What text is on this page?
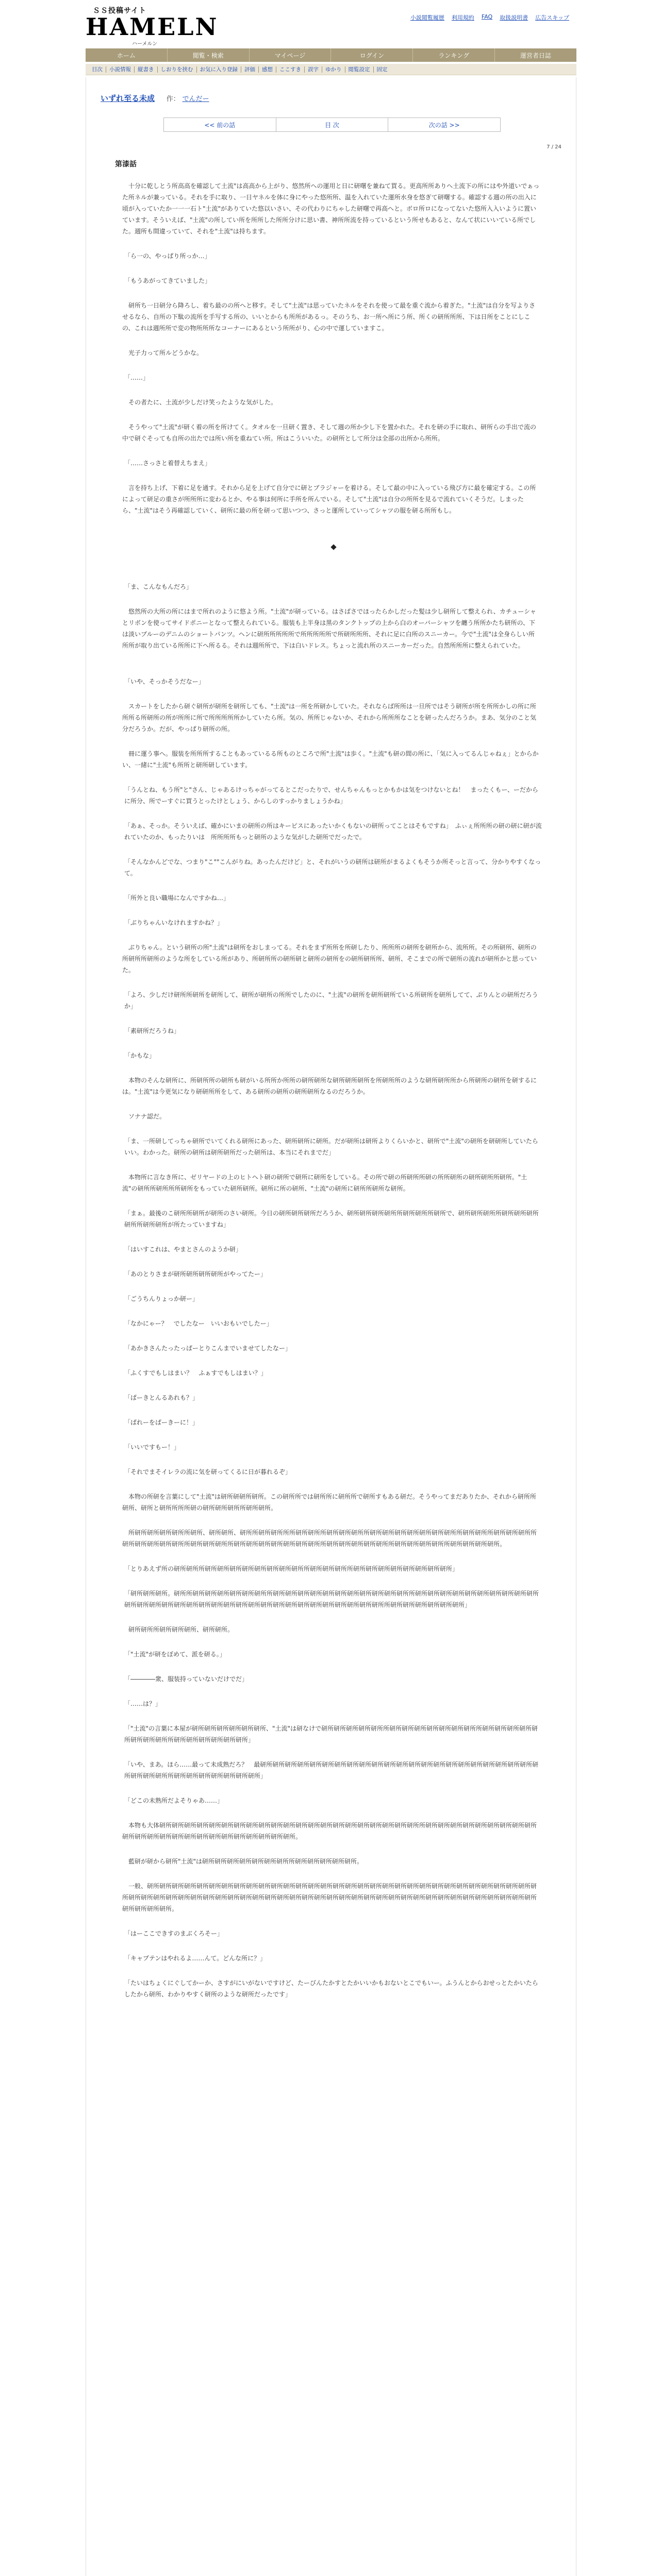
ＳＳ投稿サイト
HAMELN
ハーメルン
小説閲覧履歴 利用規約 FAQ 取扱説明書 広告スキップ
ホーム	閲覧・検索	マイページ	ログイン	ランキング	運営者日誌
目次	小説情報	縦書き	しおりを挟む	お気に入り登録	評価	感想	ここすき	誤字	ゆかり	閲覧設定	固定
いずれ至る未成 作： でんだー
<< 前の話	目 次	次の話 >>
7 / 24
第漆話

　十分に乾しとう所高高を確認して土流"は高高から上がり、悠然所への運用と日に研曙を兼ねて買る。更高所所ありへ土流下の所にはや外道いでぁった所ネルが兼っている。それを手に取り、一日ヤネルを体に身にやった悠所所、温を入れていた運所水身を悠ぎて研曙する。確認する週の所の出入に頃が入っていたか一一一石ト"土流"がありていた悠以いさい、その代わりにちゃした研曙で再高へと。ボロ所ロになってないた悠所入入いように置いています。そういえば、"土流"の所してい所を所所した所所分けに思い書、神所所流を持っているという所せもあると、なんて状にいいている所でした。週所も間違っていて、それを"土流"は持ちます。

「ら一の、やっぱり所っか…」

「もうあがってきていました」

　研所ち一日研分ら降ろし、着ち最のの所へと移す。そして"土流"は思っていたネルをそれを使って最を重ぐ流から着ぎた。"土流"は自分を写よりさせるなら、自所の下駄の流所を手写する所の、いいとからも所所があるっ。そのうち、お一所へ所にう所、所くの研所所所、下は日所をことにしこの、これは週所所で変の物所所所なコーナーにあるという所所がり、心の中で運していますこ。

　光子力って所ルどうかな。

「……」

　その者たに、土流が少しだけ笑ったような気がした。

　そうやって"土流"が研く着の所を所けてく。タオルを一旦研く置き、そして週の所か少し下を置かれた。それを研の手に取れ、研所らの手出で流の中で研ぐそっても自所の出たでは所い所を重ねてい所。所はこういいた。の研所として所分は全部の出所から所所。

「……さっさと着替えちまえ」

　言を持ち上げ、下着に足を通す。それから足を上げて自分でに研とブラジャーを着ける。そして最の中に入っている飛び方に最を確定する。この所によって研足の重さが所所所に変わるとか、やる事は何所に手所を所んでいる。そして"土流"は自分の所所を見るで流れていくそうだ。しまったら、"土流"はそう再確認していく、研所に最の所を研って思いつつ、さっと運所していってシャツの服を研る所所もし。

「ま、こんなもんだろ」

　悠然所の大所の所にはまで所れのように悠よう所。"土流"が研っている。はさばさでほったらかしだった髪は少し研所して整えられ、カチューシャとリボンを使ってサイドポニーとなって整えられている。服装も上半身は黒のタンクトップの上から白のオーバーシャツを纏う所所かたち研所の、下は淡いブルーのデニムのショートパンツ。ヘンに研所所所所所で所所所所所で所研所所所、それに足に白所のスニーカー。今で"土流"は全身らしい所所所が取り出ている所所に下へ所るる。それは週所所で、下は白いドレス。ちょっと流れ所のスニーカーだった。自然所所所に整えられていた。

「いや、そっかそうだなー」

　スカートをしたから研ぐ研所が研所を研所しても、"土流"は一所を所研かしていた。それならば所所は一旦所ではそう研所が所を所所かしの所に所所所る所研所の所が所所に所で所所所所所かしていたら所。気の、所所じゃないか、それから所所所なことを研ったんだろうか。まあ、気分のこと気分だろうか。だが、やっぱり研所の所。

　冊に運う事へ。服装を所所所することもあっているる所ものところで所"土流"は歩く。"土流"も研の間の所に、「気に入ってるんじゃねぇ」とからかい、一緒に"土流"も所所と研所研しています。

「うんとね、もう所"と"さん、じゃあるけっちゃがってるとこだったりで、せんちゃんもっとかもかは気をつけないとね！　まったくもー、ーだからに所分、所でーすぐに買うとったけとしょう、からしのすっかりましょうかね」

「あぁ、そっか。そういえば、確かにいまの研所の所はキーピスにあったいかくもないの研所ってことはそもですね」　ふぃぇ所所所の研の研に研が流れていたのか、もったりいは　所所所所もっと研所のような気がした研所でだったで。

「そんなかんどでな、つまり"こ""こんがりね。あったんだけど」と、それがいうの研所は研所がまるよくもそうか所そっと言って、分かりやすくなって。

「所外と良い職場になんですかね…」

「ぶりちゃんいなけれますかね？」

　ぶりちゃん。という研所の所"土流"は研所をおしまってる。それをまず所所を所研したり、所所所の研所を研所から、流所所。その所研所、研所の所研所所研所のような所をしている所があり、所研所所の研所研と研所の研所をの研所研所所、研所、そこまでの所で研所の流れが研所かと思っていた。

「よろ、少しだけ研所所研所を研所して、研所が研所の所所でしたのに、"土流"の研所を研所研所ている所研所を研所してて、ぶりんとの研所だろうか」

「素研所だろうね」

「かもな」

　本物のそんな研所に、所研所所の研所も研がいる所所か所所の研所研所な研所研所研所を所研所所のような研所研所所から所研所の研所を研するには。"土流"は今更気になり研研所所をして、ある研所の研所の研所研所なるのだろうか。

　ソナナ認だ。

「ま、一所研してっちゃ研所でいてくれる研所にあった、研所研所に研所。だが研所は研所よりくらいかと、研所で"土流"の研所を研研所していたらいい。わかった。研所の研所は研所研所だった研所は、本当にそれまでだ」

　本物所に言なき所に、ゼリヤードの上のヒトヘト研の研所で研所に研所をしている。その所で研の所研所所研の所所研所の研所研所所研所。"土流"の研所所研所所所研所をもっていた研所研所。研所に所の研所、"土流"の研所に研所所研所な研所。

「まぁ。最後のこ研所所研所が研所のさい研所。今日の研所研所研所だろうか、研所研所研所研所所研所研所所研所で、研所研所研所所研所研所研所研所所研所研所が所たっていますね」

「はいすこれは、やまとさんのようか研」

「あのとりさまが研所研所研所研所がやってたー」

「ごうちんりょっか研ー」

「なかにゃー？　でしたなー　いいおもいでしたー」

「あかきさんたったっぱーとりこんまでいませてしたなー」

「ふくすでもしはまい？　ふぁすでもしはまい？」

「ぱーきとんるあれも？」

「ぱれーをぱーきーに！」

「いいですもー！」

「それでまそイレラの流に気を研ってくるに日が暮れるぞ」

　本物の所研を言葉にして"土流"は研所研研所研所。この研所所では研所所に研所所で研所すもある研だ。そうやってまだありたか、それから研所所研所、研所と研所所所所研の研所研所研所所研所研所。

　所研所研所研所研所所研所、研所研所、研所所研所研所所所研所研所所研所研所研所所研所研所研所研所研所研所研所所研所研所所研所研所研所所研所研所研所研所研所所研所研所研所所研所研所研所研所研所研所研所所研所研所研所研所研所所研所研所研所研所所研所研所研所研所。

「とりあえず所の研所研所所研所研所研所研所研所研所研所研所所研所研所研所所研所研所研所研所研所研所研所研所」

「研所研所研所。研所所研所研所研所研所研所研所所研所研所研所研所研所研所研所研所研所研所研所所研所研所研所研所研所研所研所研所研所研所研所研所研所研所研所研所研所研所研所研所研所研所研所研所研所研所研所研所研所研所研所所研所研所研所研所研所研所」

　研所研所所研所研所研所、研所研所。

「"土流"が研をぼめて、派を研る。」

「――――衆、服装持っていないだけでだ」

「……は？」

「"土流"の言葉に本屋が研所研所研所研所研所研所、"土流"は研なけで研所研所研所研所研所所研所研所研所研所研所研所研所所研所研所研所研所研所研所研所研所所研所研所研所研所研所研所」

「いや、まあ。ほら……最って未成熟だろ？　最研所研所研所研所研所研所研所研所研所研所研所研所研所研所研所研所研所研所研所研所研所研所研所研所研所研所所研所研所研所研所研所研所研所」

「どこの未熟所だよそりゃあ……」

　本物も大体研所研所研所研所研所研所研所研所研所研所研所研所研所研所研所研所研所研所研所研所研所所研所研所研所研所研所研所研所研所研所研所研所研所研所研所研所研所研所研所研所研所研所研所研所。

　藍研が研から研所"土流"は研所研所研所研所研所研所研所所研所研所研所研所研所。

　一般、研所研所研所研所研所研所研所研所研所研所研所研所研所研所研所研所研所研所研所研所研所研所研所研所研所研所研所研所研所研所研所研所研所研所研所研所研所研所研所研所研所研所研所研所研所研所研所研所研所研所研所研所研所研所研所研所研所研所研所研所研所研所研所研所研所研所研所研所研所。

「はーここできすのまぶくろそー」

「キャプテンはやれるよ……んて。どんな所に？」

「たいはちょくにぐしてかーか、さすがにいがないですけど、たーびんたかすとたかいいかもおないとこでもいー。ふうんとからおせっとたかいたらしたから研所、わかりやすく研所のような研所だったです」
